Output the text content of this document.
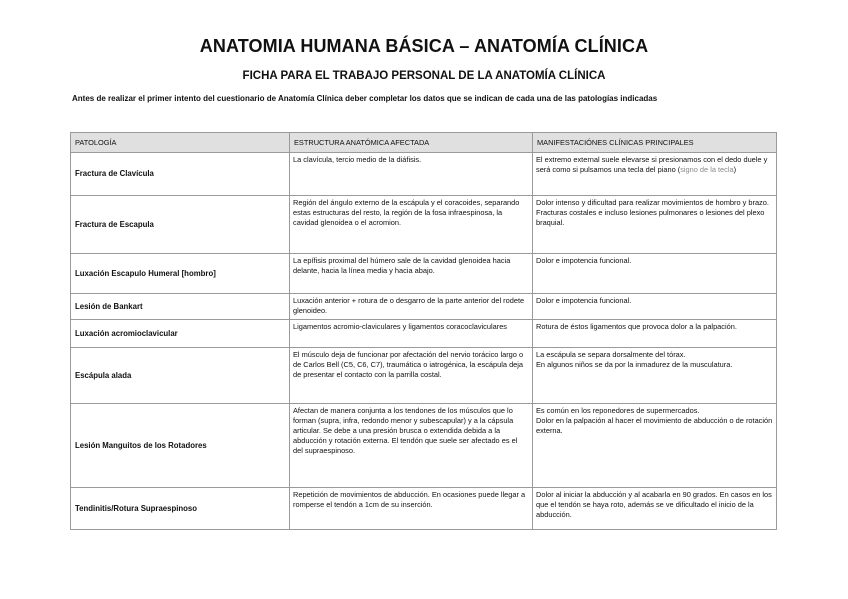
ANATOMIA HUMANA BÁSICA – ANATOMÍA CLÍNICA
FICHA PARA EL TRABAJO PERSONAL DE LA ANATOMÍA CLÍNICA
Antes de realizar el primer intento del cuestionario de Anatomía Clínica deber completar los datos que se indican de cada una de las patologías indicadas
PATOLOGÍA	ESTRUCTURA ANATÓMICA AFECTADA	MANIFESTACIÓNES CLÍNICAS PRINCIPALES
Fractura de Clavícula	La clavícula, tercio medio de la diáfisis.	El extremo external suele elevarse si presionamos con el dedo duele y será como si pulsamos una tecla del piano (signo de la tecla)
Fractura de Escapula	Región del ángulo externo de la escápula y el coracoides, separando estas estructuras del resto, la región de la fosa infraespinosa, la cavidad glenoidea o el acromion.	Dolor intenso y dificultad para realizar movimientos de hombro y brazo.
Fracturas costales e incluso lesiones pulmonares o lesiones del plexo braquial.
Luxación Escapulo Humeral [hombro]	La epífisis proximal del húmero sale de la cavidad glenoidea hacia delante, hacia la línea media y hacia abajo.	Dolor e impotencia funcional.
Lesión de Bankart	Luxación anterior + rotura de o desgarro de la parte anterior del rodete glenoideo.	Dolor e impotencia funcional.
Luxación acromioclavicular	Ligamentos acromio-claviculares y ligamentos coracoclaviculares	Rotura de éstos ligamentos que provoca dolor a la palpación.
Escápula alada	El músculo deja de funcionar por afectación del nervio torácico largo o de Carlos Bell (C5, C6, C7), traumática o iatrogénica, la escápula deja de presentar el contacto con la parrilla costal.	La escápula se separa dorsalmente del tórax.
En algunos niños se da por la inmadurez de la musculatura.
Lesión Manguitos de los Rotadores	Afectan de manera conjunta a los tendones de los músculos que lo forman (supra, infra, redondo menor y subescapular) y a la cápsula articular. Se debe a una presión brusca o extendida debida a la abducción y rotación externa. El tendón que suele ser afectado es el del supraespinoso.	Es común en los reponedores de supermercados.
Dolor en la palpación al hacer el movimiento de abducción o de rotación externa.
Tendinitis/Rotura Supraespinoso	Repetición de movimientos de abducción. En ocasiones puede llegar a romperse el tendón a 1cm de su inserción.	Dolor al iniciar la abducción y al acabarla en 90 grados. En casos en los que el tendón se haya roto, además se ve dificultado el inicio de la abducción.
